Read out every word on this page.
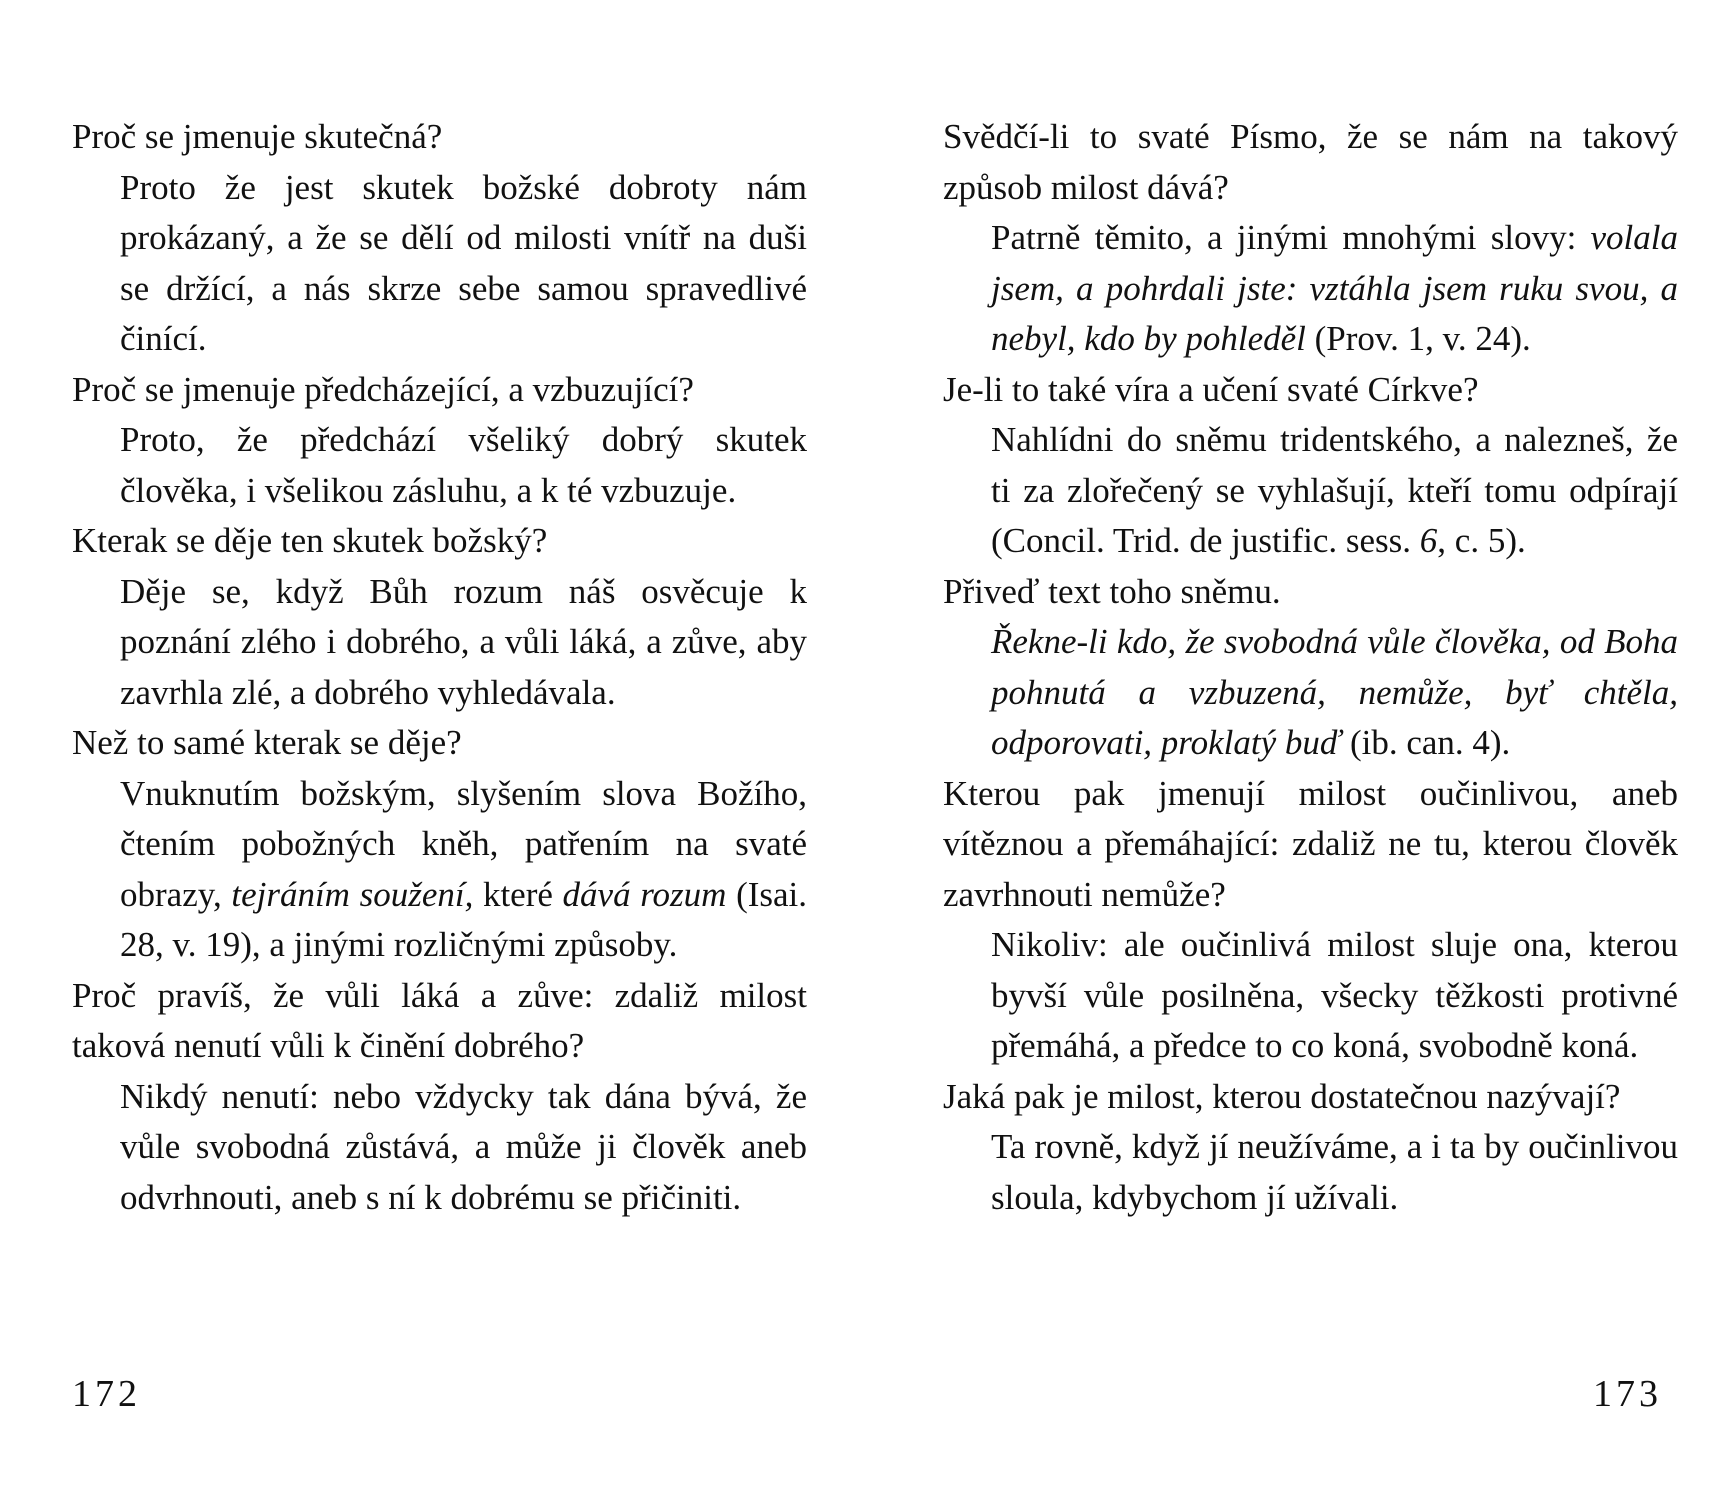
Proč se jmenuje skutečná?

Proto že jest skutek božské dobroty nám prokázaný, a že se dělí od milosti vnítř na duši se držící, a nás skrze sebe samou spravedlivé činící.

Proč se jmenuje předcházející, a vzbuzující?

Proto, že předchází všeliký dobrý skutek člověka, i všelikou zásluhu, a k té vzbuzuje.

Kterak se děje ten skutek božský?

Děje se, když Bůh rozum náš osvěcuje k poznání zlého i dobrého, a vůli láká, a zůve, aby zavrhla zlé, a dobrého vyhledávala.

Než to samé kterak se děje?

Vnuknutím božským, slyšením slova Božího, čtením pobožných kněh, patřením na svaté obrazy, tejráním soužení, které dává rozum (Isai. 28, v. 19), a jinými rozličnými způsoby.

Proč pravíš, že vůli láká a zůve: zdaliž milost taková nenutí vůli k činění dobrého?

Nikdý nenutí: nebo vždycky tak dána bývá, že vůle svobodná zůstává, a může ji člověk aneb odvrhnouti, aneb s ní k dobrému se přičiniti.

Svědčí-li to svaté Písmo, že se nám na takový způsob milost dává?

Patrně těmito, a jinými mnohými slovy: volala jsem, a pohrdali jste: vztáhla jsem ruku svou, a nebyl, kdo by pohleděl (Prov. 1, v. 24).

Je-li to také víra a učení svaté Církve?

Nahlídni do sněmu tridentského, a nalezneš, že ti za zlořečený se vyhlašují, kteří tomu odpírají (Concil. Trid. de justific. sess. 6, c. 5).

Přiveď text toho sněmu.

Řekne-li kdo, že svobodná vůle člověka, od Boha pohnutá a vzbuzená, nemůže, byť chtěla, odporovati, proklatý buď (ib. can. 4).

Kterou pak jmenují milost oučinlivou, aneb vítěznou a přemáhající: zdaliž ne tu, kterou člověk zavrhnouti nemůže?

Nikoliv: ale oučinlivá milost sluje ona, kterou byvší vůle posilněna, všecky těžkosti protivné přemáhá, a předce to co koná, svobodně koná.

Jaká pak je milost, kterou dostatečnou nazývají?

Ta rovně, když jí neužíváme, a i ta by oučinlivou sloula, kdybychom jí užívali.

172	173
